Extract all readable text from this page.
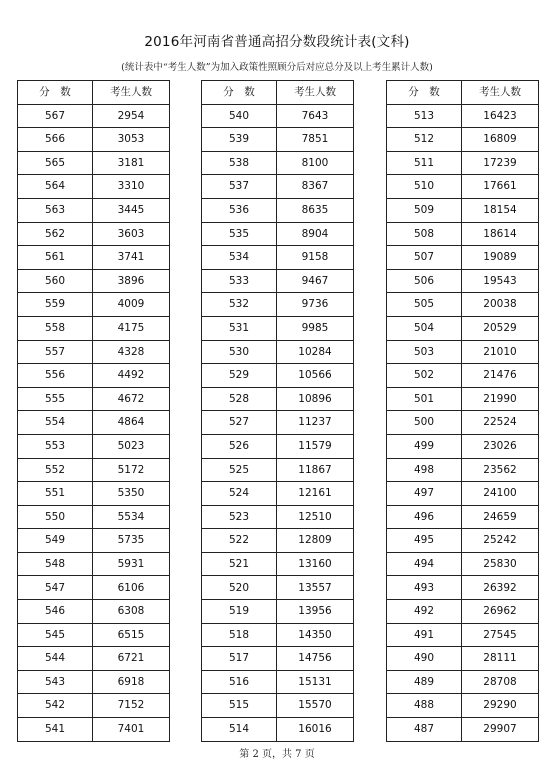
2016年河南省普通高招分数段统计表(文科)
(统计表中“考生人数”为加入政策性照顾分后对应总分及以上考生累计人数)
分　数	考生人数
567	2954
566	3053
565	3181
564	3310
563	3445
562	3603
561	3741
560	3896
559	4009
558	4175
557	4328
556	4492
555	4672
554	4864
553	5023
552	5172
551	5350
550	5534
549	5735
548	5931
547	6106
546	6308
545	6515
544	6721
543	6918
542	7152
541	7401
分　数	考生人数
540	7643
539	7851
538	8100
537	8367
536	8635
535	8904
534	9158
533	9467
532	9736
531	9985
530	10284
529	10566
528	10896
527	11237
526	11579
525	11867
524	12161
523	12510
522	12809
521	13160
520	13557
519	13956
518	14350
517	14756
516	15131
515	15570
514	16016
分　数	考生人数
513	16423
512	16809
511	17239
510	17661
509	18154
508	18614
507	19089
506	19543
505	20038
504	20529
503	21010
502	21476
501	21990
500	22524
499	23026
498	23562
497	24100
496	24659
495	25242
494	25830
493	26392
492	26962
491	27545
490	28111
489	28708
488	29290
487	29907
第 2 页，共 7 页
